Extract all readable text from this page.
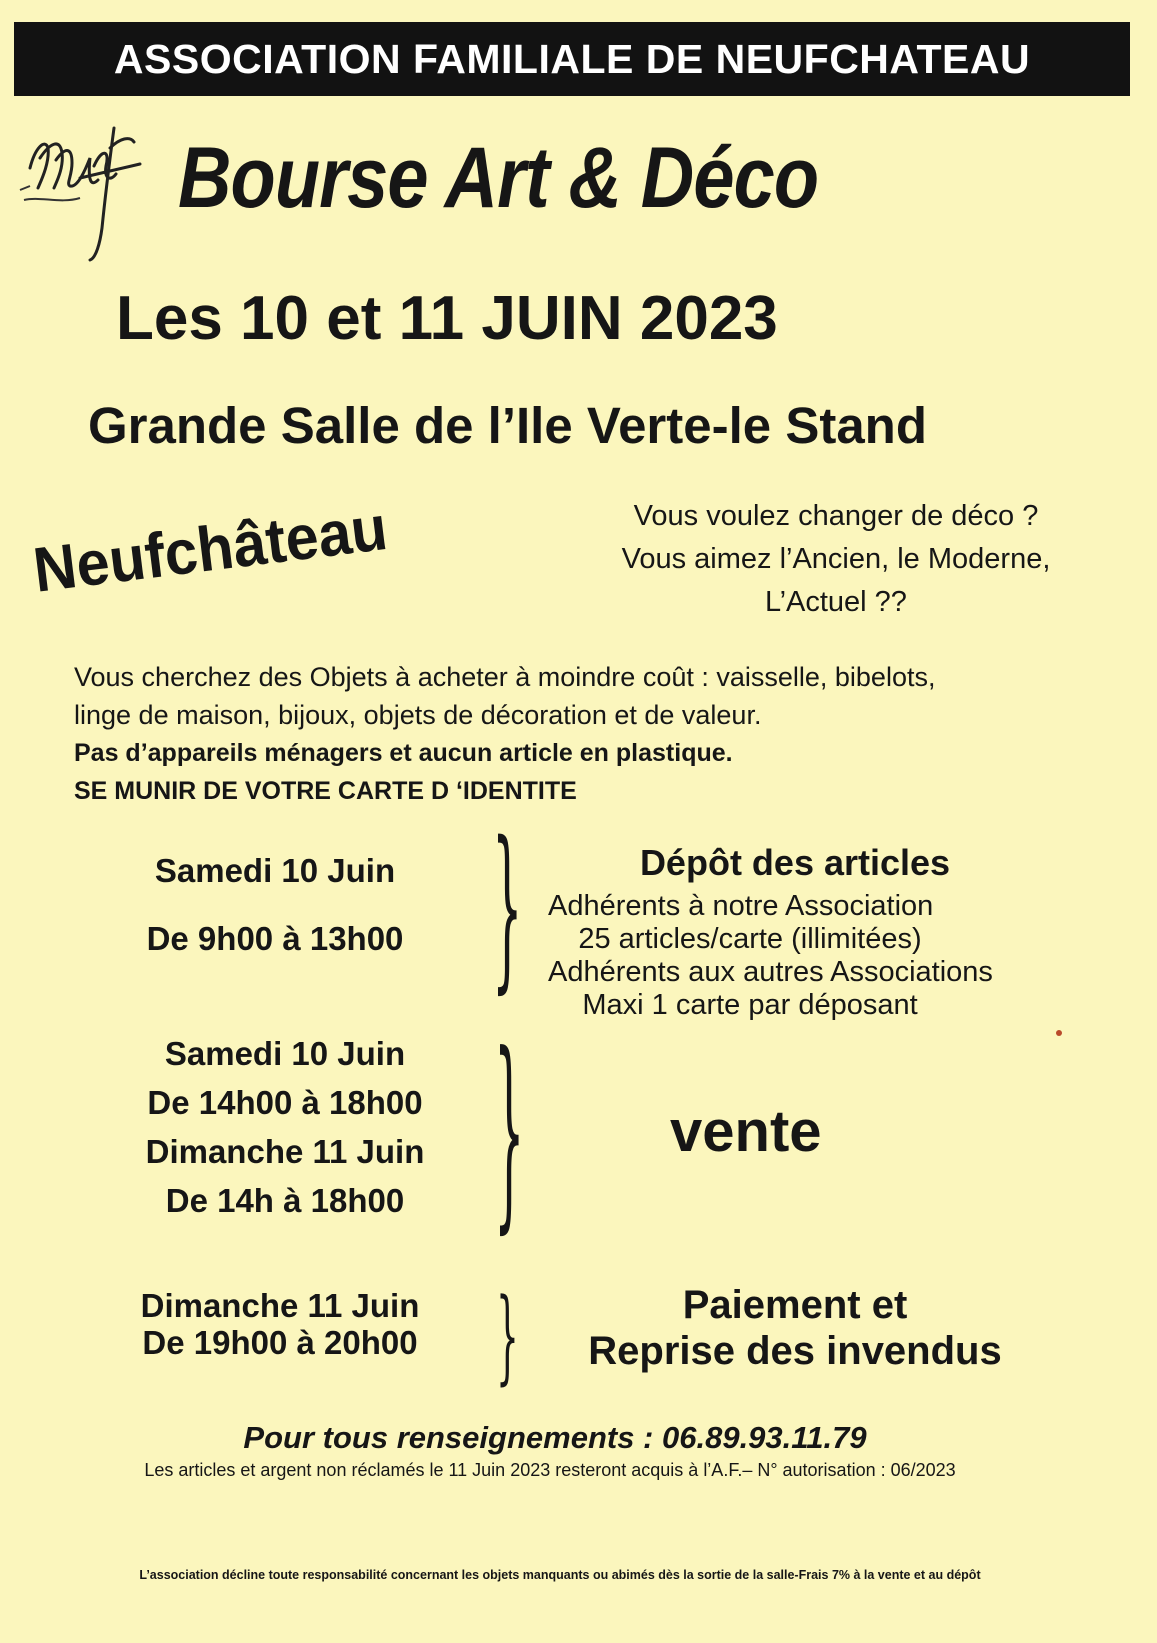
ASSOCIATION FAMILIALE DE NEUFCHATEAU
Bourse Art & Déco
Les 10 et 11 JUIN 2023
Grande Salle de l’Ile Verte-le Stand
Neufchâteau	Vous voulez changer de déco ?
Vous aimez l’Ancien, le Moderne,
L’Actuel ??
Vous cherchez des Objets à acheter à moindre coût : vaisselle, bibelots,
linge de maison, bijoux, objets de décoration et de valeur.
Pas d’appareils ménagers et aucun article en plastique.
SE MUNIR DE VOTRE CARTE D ‘IDENTITE
Samedi 10 Juin
De 9h00 à 13h00	}	Dépôt des articles
Adhérents à notre Association
25 articles/carte (illimitées)
Adhérents aux autres Associations
Maxi 1 carte par déposant
Samedi 10 Juin
De 14h00 à 18h00
Dimanche 11 Juin
De 14h à 18h00	}	vente
Dimanche 11 Juin
De 19h00 à 20h00	}	Paiement et
Reprise des invendus
Pour tous renseignements : 06.89.93.11.79
Les articles et argent non réclamés le 11 Juin 2023 resteront acquis à l’A.F.– N° autorisation : 06/2023
L’association décline toute responsabilité concernant les objets manquants ou abimés dès la sortie de la salle-Frais 7% à la vente et au dépôt
